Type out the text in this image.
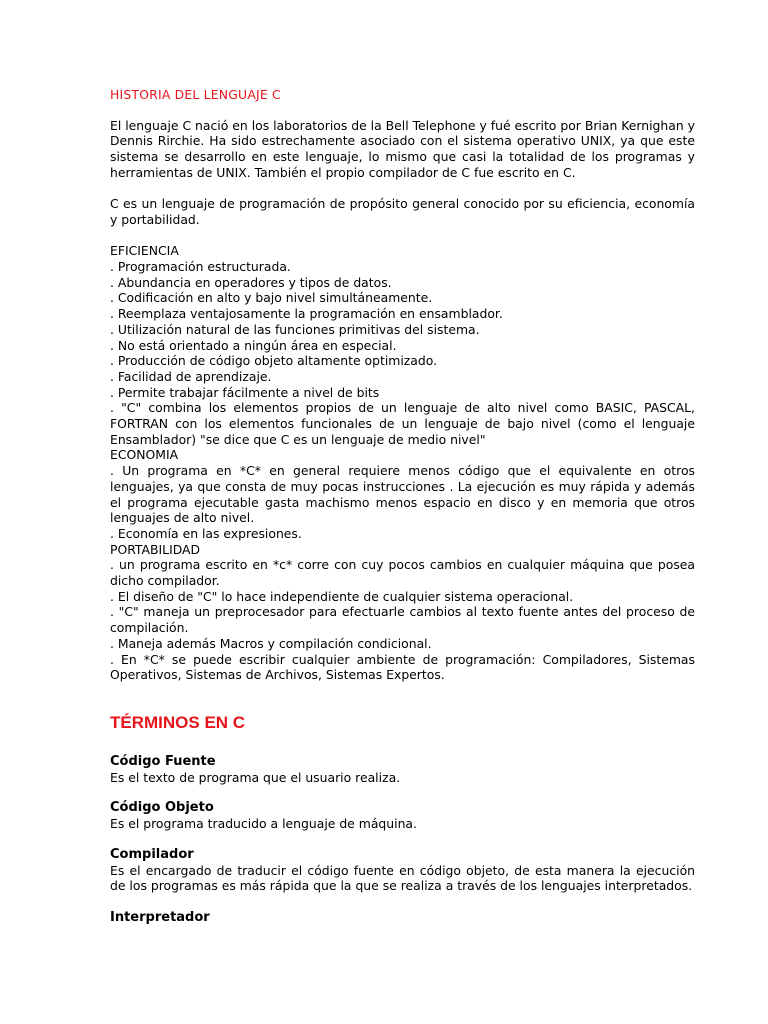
HISTORIA DEL LENGUAJE C

El lenguaje C nació en los laboratorios de la Bell Telephone y fué escrito por Brian Kernighan y Dennis Rirchie. Ha sido estrechamente asociado con el sistema operativo UNIX, ya que este sistema se desarrollo en este lenguaje, lo mismo que casi la totalidad de los programas y herramientas de UNIX. También el propio compilador de C fue escrito en C.

C es un lenguaje de programación de propósito general conocido por su eficiencia, economía y portabilidad.

EFICIENCIA

. Programación estructurada.

. Abundancia en operadores y tipos de datos.

. Codificación en alto y bajo nivel simultáneamente.

. Reemplaza ventajosamente la programación en ensamblador.

. Utilización natural de las funciones primitivas del sistema.

. No está orientado a ningún área en especial.

. Producción de código objeto altamente optimizado.

. Facilidad de aprendizaje.

. Permite trabajar fácilmente a nivel de bits

. "C" combina los elementos propios de un lenguaje de alto nivel como BASIC, PASCAL, FORTRAN con los elementos funcionales de un lenguaje de bajo nivel (como el lenguaje Ensamblador) "se dice que C es un lenguaje de medio nivel"

ECONOMIA

. Un programa en *C* en general requiere menos código que el equivalente en otros lenguajes, ya que consta de muy pocas instrucciones . La ejecución es muy rápida y además el programa ejecutable gasta machismo menos espacio en disco y en memoria que otros lenguajes de alto nivel.

. Economía en las expresiones.

PORTABILIDAD

. un programa escrito en *c* corre con cuy pocos cambios en cualquier máquina que posea dicho compilador.

. El diseño de "C" lo hace independiente de cualquier sistema operacional.

. "C" maneja un preprocesador para efectuarle cambios al texto fuente antes del proceso de compilación.

. Maneja además Macros y compilación condicional.

. En *C* se puede escribir cualquier ambiente de programación: Compiladores, Sistemas Operativos, Sistemas de Archivos, Sistemas Expertos.

TÉRMINOS EN C

Código Fuente

Es el texto de programa que el usuario realiza.

Código Objeto

Es el programa traducido a lenguaje de máquina.

Compilador

Es el encargado de traducir el código fuente en código objeto, de esta manera la ejecución de los programas es más rápida que la que se realiza a través de los lenguajes interpretados.

Interpretador
